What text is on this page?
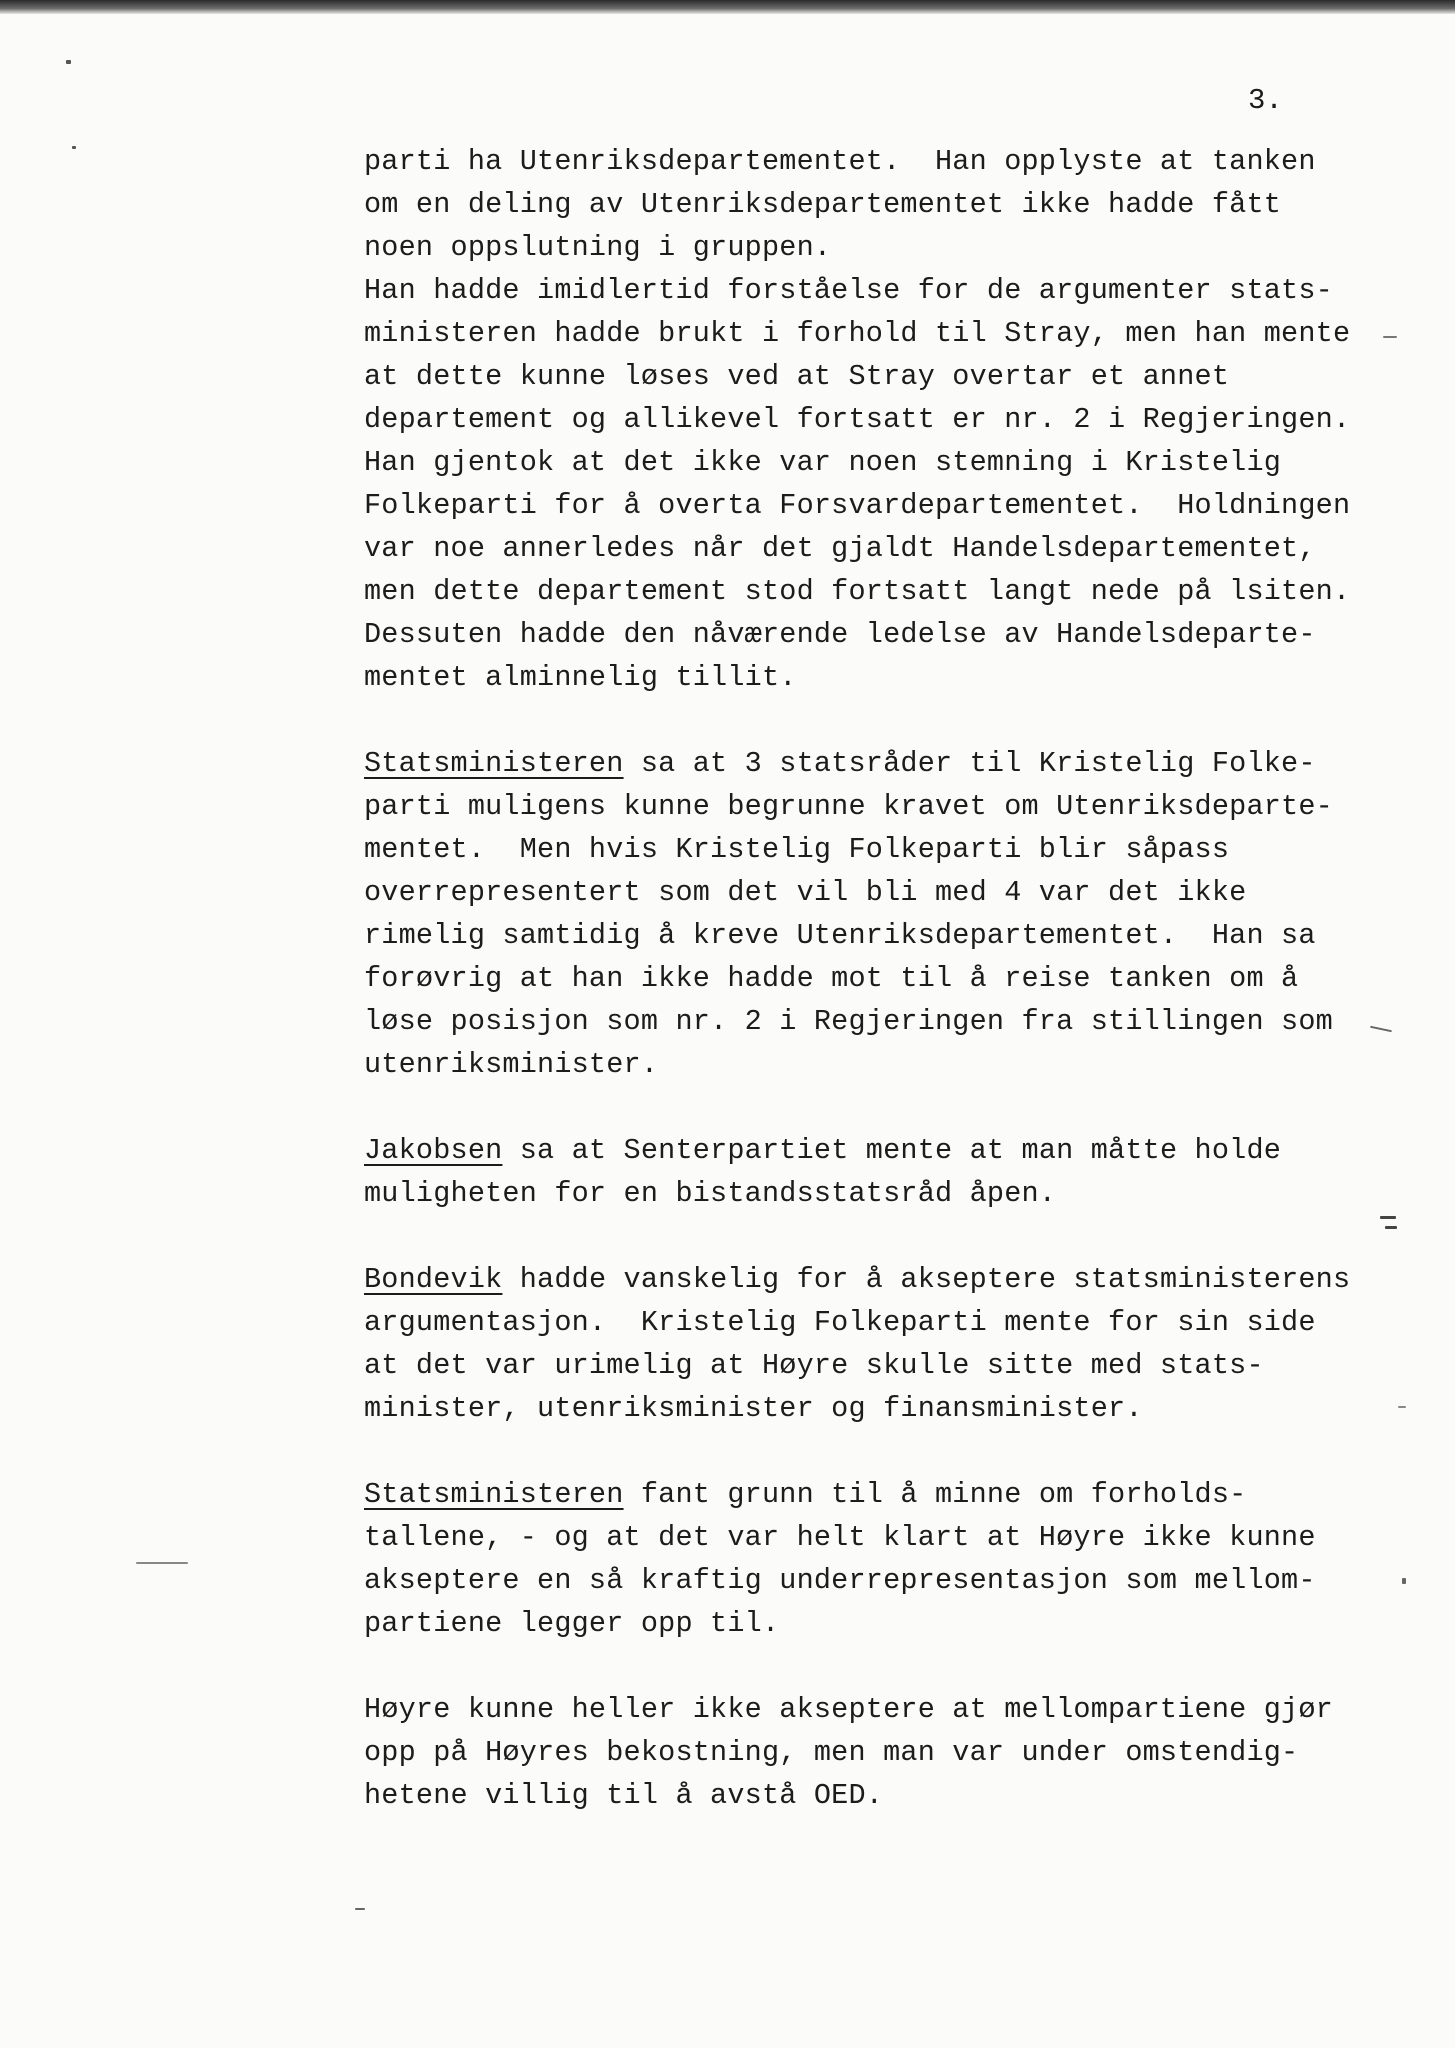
3.
parti ha Utenriksdepartementet.  Han opplyste at tanken
om en deling av Utenriksdepartementet ikke hadde fått
noen oppslutning i gruppen.
Han hadde imidlertid forståelse for de argumenter stats-
ministeren hadde brukt i forhold til Stray, men han mente
at dette kunne løses ved at Stray overtar et annet
departement og allikevel fortsatt er nr. 2 i Regjeringen.
Han gjentok at det ikke var noen stemning i Kristelig
Folkeparti for å overta Forsvardepartementet.  Holdningen
var noe annerledes når det gjaldt Handelsdepartementet,
men dette departement stod fortsatt langt nede på lsiten.
Dessuten hadde den nåværende ledelse av Handelsdeparte-
mentet alminnelig tillit.
Statsministeren sa at 3 statsråder til Kristelig Folke-
parti muligens kunne begrunne kravet om Utenriksdeparte-
mentet.  Men hvis Kristelig Folkeparti blir såpass
overrepresentert som det vil bli med 4 var det ikke
rimelig samtidig å kreve Utenriksdepartementet.  Han sa
forøvrig at han ikke hadde mot til å reise tanken om å
løse posisjon som nr. 2 i Regjeringen fra stillingen som
utenriksminister.
Jakobsen sa at Senterpartiet mente at man måtte holde
muligheten for en bistandsstatsråd åpen.
Bondevik hadde vanskelig for å akseptere statsministerens
argumentasjon.  Kristelig Folkeparti mente for sin side
at det var urimelig at Høyre skulle sitte med stats-
minister, utenriksminister og finansminister.
Statsministeren fant grunn til å minne om forholds-
tallene, - og at det var helt klart at Høyre ikke kunne
akseptere en så kraftig underrepresentasjon som mellom-
partiene legger opp til.
Høyre kunne heller ikke akseptere at mellompartiene gjør
opp på Høyres bekostning, men man var under omstendig-
hetene villig til å avstå OED.
